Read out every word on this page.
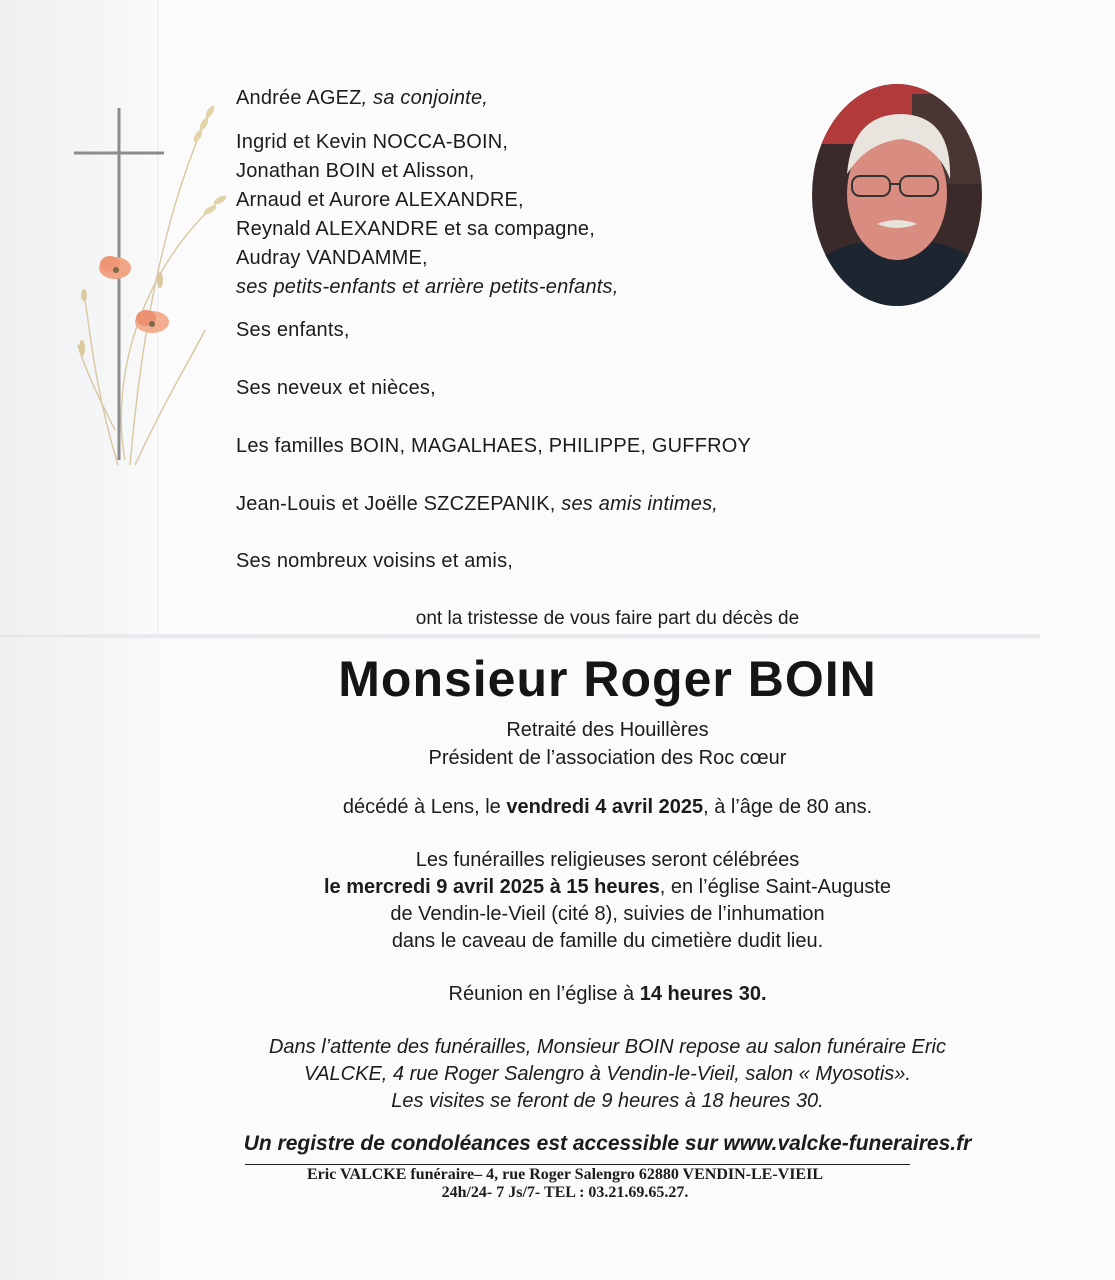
Andrée AGEZ, sa conjointe,
Ingrid et Kevin NOCCA-BOIN,
Jonathan BOIN et Alisson,
Arnaud et Aurore ALEXANDRE,
Reynald ALEXANDRE et sa compagne,
Audray VANDAMME,
ses petits-enfants et arrière petits-enfants,
Ses enfants,
Ses neveux et nièces,
Les familles BOIN, MAGALHAES, PHILIPPE, GUFFROY
Jean-Louis et Joëlle SZCZEPANIK, ses amis intimes,
Ses nombreux voisins et amis,
ont la tristesse de vous faire part du décès de
Monsieur Roger BOIN
Retraité des Houillères
Président de l’association des Roc cœur
décédé à Lens, le vendredi 4 avril 2025, à l’âge de 80 ans.
Les funérailles religieuses seront célébrées
le mercredi 9 avril 2025 à 15 heures, en l’église Saint-Auguste
de Vendin-le-Vieil (cité 8), suivies de l’inhumation
dans le caveau de famille du cimetière dudit lieu.
Réunion en l’église à 14 heures 30.
Dans l’attente des funérailles, Monsieur BOIN repose au salon funéraire Eric
VALCKE, 4 rue Roger Salengro à Vendin-le-Vieil, salon « Myosotis».
Les visites se feront de 9 heures à 18 heures 30.
Un registre de condoléances est accessible sur www.valcke-funeraires.fr
Eric VALCKE funéraire– 4, rue Roger Salengro 62880 VENDIN-LE-VIEIL
24h/24- 7 Js/7- TEL : 03.21.69.65.27.
